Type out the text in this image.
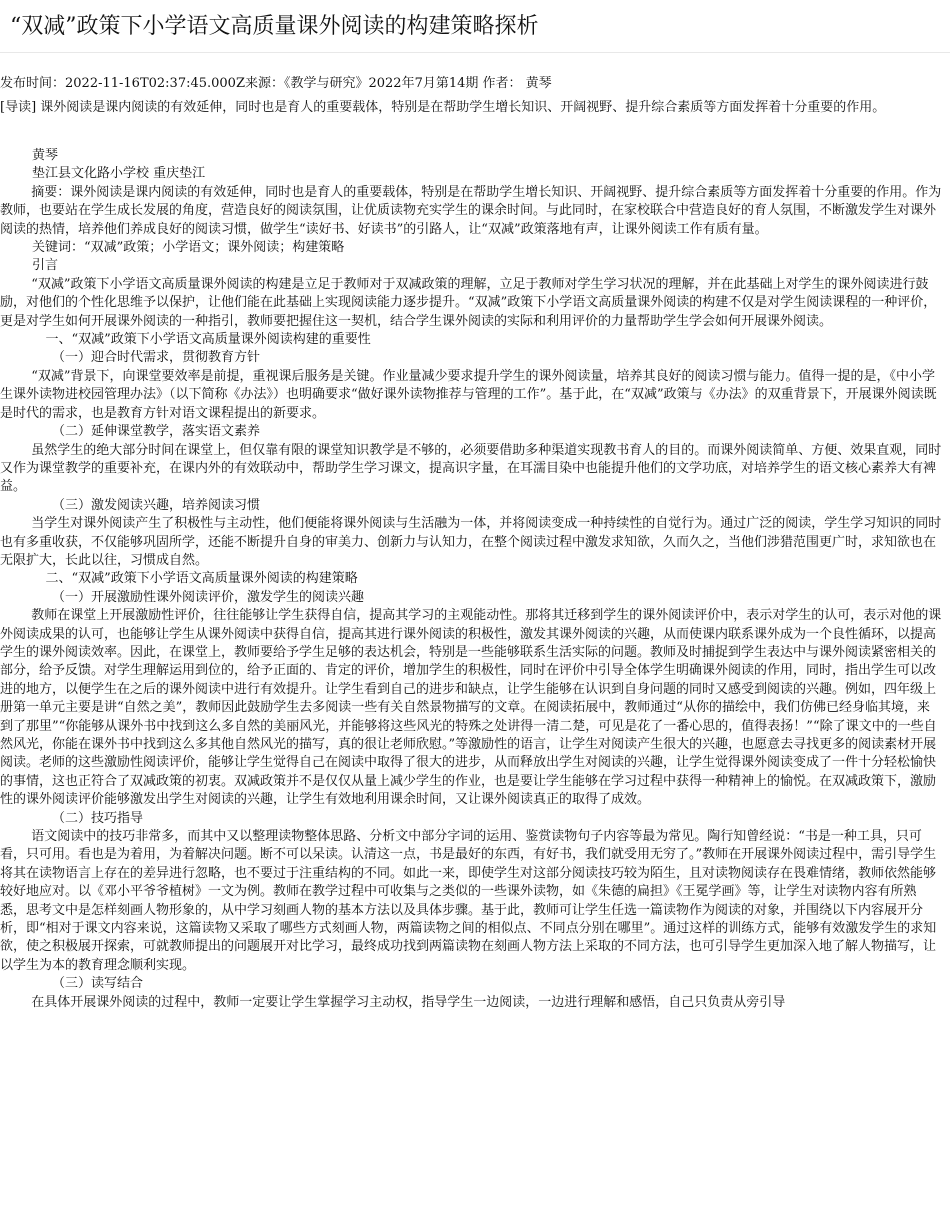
“双减”政策下小学语文高质量课外阅读的构建策略探析
发布时间：2022-11-16T02:37:45.000Z来源：《教学与研究》2022年7月第14期 作者： 黄琴

[导读] 课外阅读是课内阅读的有效延伸，同时也是育人的重要载体，特别是在帮助学生增长知识、开阔视野、提升综合素质等方面发挥着十分重要的作用。

黄琴

垫江县文化路小学校 重庆垫江

摘要：课外阅读是课内阅读的有效延伸，同时也是育人的重要载体，特别是在帮助学生增长知识、开阔视野、提升综合素质等方面发挥着十分重要的作用。作为教师，也要站在学生成长发展的角度，营造良好的阅读氛围，让优质读物充实学生的课余时间。与此同时，在家校联合中营造良好的育人氛围，不断激发学生对课外阅读的热情，培养他们养成良好的阅读习惯，做学生“读好书、好读书”的引路人，让“双减”政策落地有声，让课外阅读工作有质有量。

关键词：“双减”政策；小学语文；课外阅读；构建策略

引言

“双减”政策下小学语文高质量课外阅读的构建是立足于教师对于双减政策的理解，立足于教师对学生学习状况的理解，并在此基础上对学生的课外阅读进行鼓励，对他们的个性化思维予以保护，让他们能在此基础上实现阅读能力逐步提升。“双减”政策下小学语文高质量课外阅读的构建不仅是对学生阅读课程的一种评价，更是对学生如何开展课外阅读的一种指引，教师要把握住这一契机，结合学生课外阅读的实际和利用评价的力量帮助学生学会如何开展课外阅读。

一、“双减”政策下小学语文高质量课外阅读构建的重要性

（一）迎合时代需求，贯彻教育方针

“双减”背景下，向课堂要效率是前提，重视课后服务是关键。作业量减少要求提升学生的课外阅读量，培养其良好的阅读习惯与能力。值得一提的是，《中小学生课外读物进校园管理办法》（以下简称《办法》）也明确要求“做好课外读物推荐与管理的工作”。基于此，在“双减”政策与《办法》的双重背景下，开展课外阅读既是时代的需求，也是教育方针对语文课程提出的新要求。

（二）延伸课堂教学，落实语文素养

虽然学生的绝大部分时间在课堂上，但仅靠有限的课堂知识教学是不够的，必须要借助多种渠道实现教书育人的目的。而课外阅读简单、方便、效果直观，同时又作为课堂教学的重要补充，在课内外的有效联动中，帮助学生学习课文，提高识字量，在耳濡目染中也能提升他们的文学功底，对培养学生的语文核心素养大有裨益。

（三）激发阅读兴趣，培养阅读习惯

当学生对课外阅读产生了积极性与主动性，他们便能将课外阅读与生活融为一体，并将阅读变成一种持续性的自觉行为。通过广泛的阅读，学生学习知识的同时也有多重收获，不仅能够巩固所学，还能不断提升自身的审美力、创新力与认知力，在整个阅读过程中激发求知欲，久而久之，当他们涉猎范围更广时，求知欲也在无限扩大，长此以往，习惯成自然。

二、“双减”政策下小学语文高质量课外阅读的构建策略

（一）开展激励性课外阅读评价，激发学生的阅读兴趣

教师在课堂上开展激励性评价，往往能够让学生获得自信，提高其学习的主观能动性。那将其迁移到学生的课外阅读评价中，表示对学生的认可，表示对他的课外阅读成果的认可，也能够让学生从课外阅读中获得自信，提高其进行课外阅读的积极性，激发其课外阅读的兴趣，从而使课内联系课外成为一个良性循环，以提高学生的课外阅读效率。因此，在课堂上，教师要给予学生足够的表达机会，特别是一些能够联系生活实际的问题。教师及时捕捉到学生表达中与课外阅读紧密相关的部分，给予反馈。对学生理解运用到位的，给予正面的、肯定的评价，增加学生的积极性，同时在评价中引导全体学生明确课外阅读的作用，同时，指出学生可以改进的地方，以便学生在之后的课外阅读中进行有效提升。让学生看到自己的进步和缺点，让学生能够在认识到自身问题的同时又感受到阅读的兴趣。例如，四年级上册第一单元主要是讲“自然之美”，教师因此鼓励学生去多阅读一些有关自然景物描写的文章。在阅读拓展中，教师通过“从你的描绘中，我们仿佛已经身临其境，来到了那里”“你能够从课外书中找到这么多自然的美丽风光，并能够将这些风光的特殊之处讲得一清二楚，可见是花了一番心思的，值得表扬！”“除了课文中的一些自然风光，你能在课外书中找到这么多其他自然风光的描写，真的很让老师欣慰。”等激励性的语言，让学生对阅读产生很大的兴趣，也愿意去寻找更多的阅读素材开展阅读。老师的这些激励性阅读评价，能够让学生觉得自己在阅读中取得了很大的进步，从而释放出学生对阅读的兴趣，让学生觉得课外阅读变成了一件十分轻松愉快的事情，这也正符合了双减政策的初衷。双减政策并不是仅仅从量上减少学生的作业，也是要让学生能够在学习过程中获得一种精神上的愉悦。在双减政策下，激励性的课外阅读评价能够激发出学生对阅读的兴趣，让学生有效地利用课余时间，又让课外阅读真正的取得了成效。

（二）技巧指导

语文阅读中的技巧非常多，而其中又以整理读物整体思路、分析文中部分字词的运用、鉴赏读物句子内容等最为常见。陶行知曾经说：“书是一种工具，只可看，只可用。看也是为着用，为着解决问题。断不可以呆读。认清这一点，书是最好的东西，有好书，我们就受用无穷了。”教师在开展课外阅读过程中，需引导学生将其在读物语言上存在的差异进行忽略，也不要过于注重结构的不同。如此一来，即使学生对这部分阅读技巧较为陌生，且对读物阅读存在畏难情绪，教师依然能够较好地应对。以《邓小平爷爷植树》一文为例。教师在教学过程中可收集与之类似的一些课外读物，如《朱德的扁担》《王冕学画》等，让学生对读物内容有所熟悉，思考文中是怎样刻画人物形象的，从中学习刻画人物的基本方法以及具体步骤。基于此，教师可让学生任选一篇读物作为阅读的对象，并围绕以下内容展开分析，即“相对于课文内容来说，这篇读物又采取了哪些方式刻画人物，两篇读物之间的相似点、不同点分别在哪里”。通过这样的训练方式，能够有效激发学生的求知欲，使之积极展开探索，可就教师提出的问题展开对比学习，最终成功找到两篇读物在刻画人物方法上采取的不同方法，也可引导学生更加深入地了解人物描写，让以学生为本的教育理念顺利实现。

（三）读写结合

在具体开展课外阅读的过程中，教师一定要让学生掌握学习主动权，指导学生一边阅读，一边进行理解和感悟，自己只负责从旁引导
